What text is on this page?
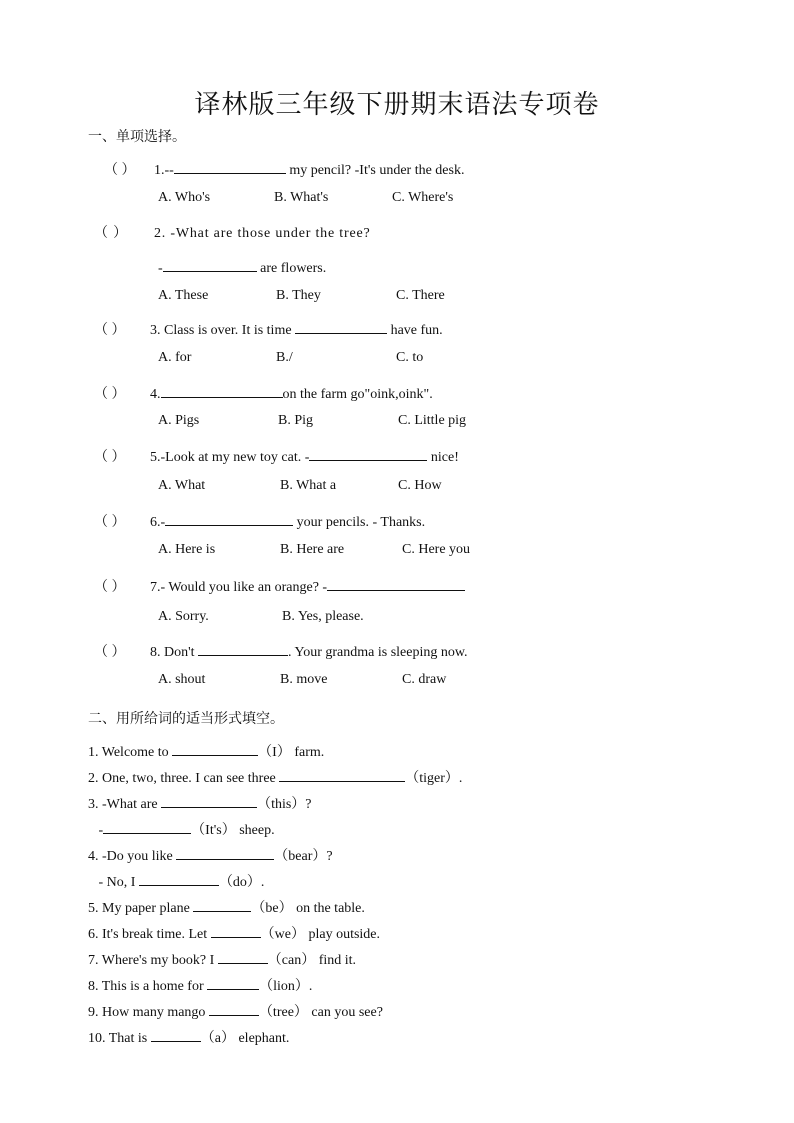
译林版三年级下册期末语法专项卷
一、单项选择。
（ ） 1.--	my pencil? -It's under the desk.
A. Who's	B. What's	C. Where's
（ ） 2. -What are those under the tree?
-	are flowers.
A. These	B. They	C. There
（ ） 3. Class is over. It is time	have fun.
A. for	B./	C. to
（ ） 4.	on the farm go"oink,oink".
A. Pigs	B. Pig	C. Little pig
（ ） 5.-Look at my new toy cat. -	nice!
A. What	B. What a	C. How
（ ） 6.-	your pencils. - Thanks.
A. Here is	B. Here are	C. Here you
（ ） 7.- Would you like an orange? -
A. Sorry.	B. Yes, please.
（ ） 8. Don't	. Your grandma is sleeping now.
A. shout	B. move	C. draw
二、用所给词的适当形式填空。
1. Welcome to	（I） farm.
2. One, two, three. I can see three	（tiger）.
3. -What are	（this）?
-	（It's） sheep.
4. -Do you like	（bear）?
- No, I	（do）.
5. My paper plane	（be） on the table.
6. It's break time. Let	（we） play outside.
7. Where's my book? I	（can） find it.
8. This is a home for	（lion）.
9. How many mango	（tree） can you see?
10. That is	（a） elephant.
